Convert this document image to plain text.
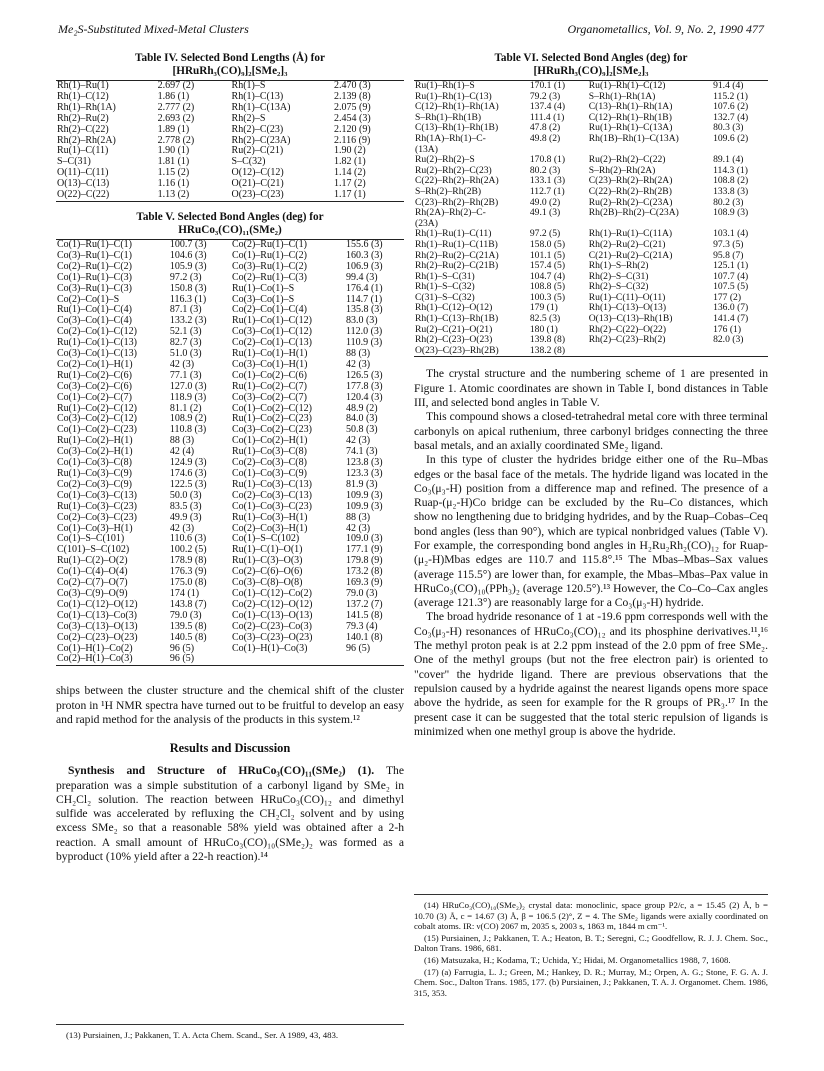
Me₂S-Substituted Mixed-Metal Clusters	Organometallics, Vol. 9, No. 2, 1990 477
Table IV. Selected Bond Lengths (Å) for
[HRuRh₃(CO)₉]₂[SMe₂]₃
Rh(1)–Ru(1)	2.697 (2)	Rh(1)–S	2.470 (3)
Rh(1)–C(12)	1.86 (1)	Rh(1)–C(13)	2.139 (8)
Rh(1)–Rh(1A)	2.777 (2)	Rh(1)–C(13A)	2.075 (9)
Rh(2)–Ru(2)	2.693 (2)	Rh(2)–S	2.454 (3)
Rh(2)–C(22)	1.89 (1)	Rh(2)–C(23)	2.120 (9)
Rh(2)–Rh(2A)	2.778 (2)	Rh(2)–C(23A)	2.116 (9)
Ru(1)–C(11)	1.90 (1)	Ru(2)–C(21)	1.90 (2)
S–C(31)	1.81 (1)	S–C(32)	1.82 (1)
O(11)–C(11)	1.15 (2)	O(12)–C(12)	1.14 (2)
O(13)–C(13)	1.16 (1)	O(21)–C(21)	1.17 (2)
O(22)–C(22)	1.13 (2)	O(23)–C(23)	1.17 (1)
Table V. Selected Bond Angles (deg) for
HRuCo₃(CO)₁₁(SMe₂)
Co(1)–Ru(1)–C(1)	100.7 (3)	Co(2)–Ru(1)–C(1)	155.6 (3)
Co(3)–Ru(1)–C(1)	104.6 (3)	Co(1)–Ru(1)–C(2)	160.3 (3)
Co(2)–Ru(1)–C(2)	105.9 (3)	Co(3)–Ru(1)–C(2)	106.9 (3)
Co(1)–Ru(1)–C(3)	97.2 (3)	Co(2)–Ru(1)–C(3)	99.4 (3)
Co(3)–Ru(1)–C(3)	150.8 (3)	Ru(1)–Co(1)–S	176.4 (1)
Co(2)–Co(1)–S	116.3 (1)	Co(3)–Co(1)–S	114.7 (1)
Ru(1)–Co(1)–C(4)	87.1 (3)	Co(2)–Co(1)–C(4)	135.8 (3)
Co(3)–Co(1)–C(4)	133.2 (3)	Ru(1)–Co(1)–C(12)	83.0 (3)
Co(2)–Co(1)–C(12)	52.1 (3)	Co(3)–Co(1)–C(12)	112.0 (3)
Ru(1)–Co(1)–C(13)	82.7 (3)	Co(2)–Co(1)–C(13)	110.9 (3)
Co(3)–Co(1)–C(13)	51.0 (3)	Ru(1)–Co(1)–H(1)	88 (3)
Co(2)–Co(1)–H(1)	42 (3)	Co(3)–Co(1)–H(1)	42 (3)
Ru(1)–Co(2)–C(6)	77.1 (3)	Co(1)–Co(2)–C(6)	126.5 (3)
Co(3)–Co(2)–C(6)	127.0 (3)	Ru(1)–Co(2)–C(7)	177.8 (3)
Co(1)–Co(2)–C(7)	118.9 (3)	Co(3)–Co(2)–C(7)	120.4 (3)
Ru(1)–Co(2)–C(12)	81.1 (2)	Co(1)–Co(2)–C(12)	48.9 (2)
Co(3)–Co(2)–C(12)	108.9 (2)	Ru(1)–Co(2)–C(23)	84.0 (3)
Co(1)–Co(2)–C(23)	110.8 (3)	Co(3)–Co(2)–C(23)	50.8 (3)
Ru(1)–Co(2)–H(1)	88 (3)	Co(1)–Co(2)–H(1)	42 (3)
Co(3)–Co(2)–H(1)	42 (4)	Ru(1)–Co(3)–C(8)	74.1 (3)
Co(1)–Co(3)–C(8)	124.9 (3)	Co(2)–Co(3)–C(8)	123.8 (3)
Ru(1)–Co(3)–C(9)	174.6 (3)	Co(1)–Co(3)–C(9)	123.3 (3)
Co(2)–Co(3)–C(9)	122.5 (3)	Ru(1)–Co(3)–C(13)	81.9 (3)
Co(1)–Co(3)–C(13)	50.0 (3)	Co(2)–Co(3)–C(13)	109.9 (3)
Ru(1)–Co(3)–C(23)	83.5 (3)	Co(1)–Co(3)–C(23)	109.9 (3)
Co(2)–Co(3)–C(23)	49.9 (3)	Ru(1)–Co(3)–H(1)	88 (3)
Co(1)–Co(3)–H(1)	42 (3)	Co(2)–Co(3)–H(1)	42 (3)
Co(1)–S–C(101)	110.6 (3)	Co(1)–S–C(102)	109.0 (3)
C(101)–S–C(102)	100.2 (5)	Ru(1)–C(1)–O(1)	177.1 (9)
Ru(1)–C(2)–O(2)	178.9 (8)	Ru(1)–C(3)–O(3)	179.8 (9)
Co(1)–C(4)–O(4)	176.3 (9)	Co(2)–C(6)–O(6)	173.2 (8)
Co(2)–C(7)–O(7)	175.0 (8)	Co(3)–C(8)–O(8)	169.3 (9)
Co(3)–C(9)–O(9)	174 (1)	Co(1)–C(12)–Co(2)	79.0 (3)
Co(1)–C(12)–O(12)	143.8 (7)	Co(2)–C(12)–O(12)	137.2 (7)
Co(1)–C(13)–Co(3)	79.0 (3)	Co(1)–C(13)–O(13)	141.5 (8)
Co(3)–C(13)–O(13)	139.5 (8)	Co(2)–C(23)–Co(3)	79.3 (4)
Co(2)–C(23)–O(23)	140.5 (8)	Co(3)–C(23)–O(23)	140.1 (8)
Co(1)–H(1)–Co(2)	96 (5)	Co(1)–H(1)–Co(3)	96 (5)
Co(2)–H(1)–Co(3)	96 (5)		

ships between the cluster structure and the chemical shift of the cluster proton in ¹H NMR spectra have turned out to be fruitful to develop an easy and rapid method for the analysis of the products in this system.¹²

Results and Discussion

Synthesis and Structure of HRuCo₃(CO)₁₁(SMe₂) (1). The preparation was a simple substitution of a carbonyl ligand by SMe₂ in CH₂Cl₂ solution. The reaction between HRuCo₃(CO)₁₂ and dimethyl sulfide was accelerated by refluxing the CH₂Cl₂ solvent and by using excess SMe₂ so that a reasonable 58% yield was obtained after a 2-h reaction. A small amount of HRuCo₃(CO)₁₀(SMe₂)₂ was formed as a byproduct (10% yield after a 22-h reaction).¹⁴

Table VI. Selected Bond Angles (deg) for
[HRuRh₃(CO)₉]₂[SMe₂]₃
Ru(1)–Rh(1)–S	170.1 (1)	Ru(1)–Rh(1)–C(12)	91.4 (4)
Ru(1)–Rh(1)–C(13)	79.2 (3)	S–Rh(1)–Rh(1A)	115.2 (1)
C(12)–Rh(1)–Rh(1A)	137.4 (4)	C(13)–Rh(1)–Rh(1A)	107.6 (2)
S–Rh(1)–Rh(1B)	111.4 (1)	C(12)–Rh(1)–Rh(1B)	132.7 (4)
C(13)–Rh(1)–Rh(1B)	47.8 (2)	Ru(1)–Rh(1)–C(13A)	80.3 (3)
Rh(1A)–Rh(1)–C-	49.8 (2)	Rh(1B)–Rh(1)–C(13A)	109.6 (2)
(13A)			
Ru(2)–Rh(2)–S	170.8 (1)	Ru(2)–Rh(2)–C(22)	89.1 (4)
Ru(2)–Rh(2)–C(23)	80.2 (3)	S–Rh(2)–Rh(2A)	114.3 (1)
C(22)–Rh(2)–Rh(2A)	133.1 (3)	C(23)–Rh(2)–Rh(2A)	108.8 (2)
S–Rh(2)–Rh(2B)	112.7 (1)	C(22)–Rh(2)–Rh(2B)	133.8 (3)
C(23)–Rh(2)–Rh(2B)	49.0 (2)	Ru(2)–Rh(2)–C(23A)	80.2 (3)
Rh(2A)–Rh(2)–C-	49.1 (3)	Rh(2B)–Rh(2)–C(23A)	108.9 (3)
(23A)			
Rh(1)–Ru(1)–C(11)	97.2 (5)	Rh(1)–Ru(1)–C(11A)	103.1 (4)
Rh(1)–Ru(1)–C(11B)	158.0 (5)	Rh(2)–Ru(2)–C(21)	97.3 (5)
Rh(2)–Ru(2)–C(21A)	101.1 (5)	C(21)–Ru(2)–C(21A)	95.8 (7)
Rh(2)–Ru(2)–C(21B)	157.4 (5)	Rh(1)–S–Rh(2)	125.1 (1)
Rh(1)–S–C(31)	104.7 (4)	Rh(2)–S–C(31)	107.7 (4)
Rh(1)–S–C(32)	108.8 (5)	Rh(2)–S–C(32)	107.5 (5)
C(31)–S–C(32)	100.3 (5)	Ru(1)–C(11)–O(11)	177 (2)
Rh(1)–C(12)–O(12)	179 (1)	Rh(1)–C(13)–O(13)	136.0 (7)
Rh(1)–C(13)–Rh(1B)	82.5 (3)	O(13)–C(13)–Rh(1B)	141.4 (7)
Ru(2)–C(21)–O(21)	180 (1)	Rh(2)–C(22)–O(22)	176 (1)
Rh(2)–C(23)–O(23)	139.8 (8)	Rh(2)–C(23)–Rh(2)	82.0 (3)
O(23)–C(23)–Rh(2B)	138.2 (8)		

The crystal structure and the numbering scheme of 1 are presented in Figure 1. Atomic coordinates are shown in Table I, bond distances in Table III, and selected bond angles in Table V.

This compound shows a closed-tetrahedral metal core with three terminal carbonyls on apical ruthenium, three carbonyl bridges connecting the three basal metals, and an axially coordinated SMe₂ ligand.

In this type of cluster the hydrides bridge either one of the Ru–Mbas edges or the basal face of the metals. The hydride ligand was located in the Co₃(μ₃-H) position from a difference map and refined. The presence of a Ruap-(μ₂-H)Co bridge can be excluded by the Ru–Co distances, which show no lengthening due to bridging hydrides, and by the Ruap–Cobas–Ceq bond angles (less than 90°), which are typical nonbridged values (Table V). For example, the corresponding bond angles in H₂Ru₂Rh₂(CO)₁₂ for Ruap-(μ₂-H)Mbas edges are 110.7 and 115.8°.¹⁵ The Mbas–Mbas–Sax values (average 115.5°) are lower than, for example, the Mbas–Mbas–Pax value in HRuCo₃(CO)₁₀(PPh₃)₂ (average 120.5°).¹³ However, the Co–Co–Cax angles (average 121.3°) are reasonably large for a Co₃(μ₃-H) hydride.

The broad hydride resonance of 1 at -19.6 ppm corresponds well with the Co₃(μ₃-H) resonances of HRuCo₃(CO)₁₂ and its phosphine derivatives.¹¹,¹⁶ The methyl proton peak is at 2.2 ppm instead of the 2.0 ppm of free SMe₂. One of the methyl groups (but not the free electron pair) is oriented to "cover" the hydride ligand. There are previous observations that the repulsion caused by a hydride against the nearest ligands opens more space above the hydride, as seen for example for the R groups of PR₃.¹⁷ In the present case it can be suggested that the total steric repulsion of ligands is minimized when one methyl group is above the hydride.

(13) Pursiainen, J.; Pakkanen, T. A. Acta Chem. Scand., Ser. A 1989, 43, 483.

(14) HRuCo₃(CO)₁₀(SMe₂)₂ crystal data: monoclinic, space group P2/c, a = 15.45 (2) Å, b = 10.70 (3) Å, c = 14.67 (3) Å, β = 106.5 (2)°, Z = 4. The SMe₂ ligands were axially coordinated on cobalt atoms. IR: ν(CO) 2067 m, 2035 s, 2003 s, 1863 m, 1844 m cm⁻¹.

(15) Pursiainen, J.; Pakkanen, T. A.; Heaton, B. T.; Seregni, C.; Goodfellow, R. J. J. Chem. Soc., Dalton Trans. 1986, 681.

(16) Matsuzaka, H.; Kodama, T.; Uchida, Y.; Hidai, M. Organometallics 1988, 7, 1608.

(17) (a) Farrugia, L. J.; Green, M.; Hankey, D. R.; Murray, M.; Orpen, A. G.; Stone, F. G. A. J. Chem. Soc., Dalton Trans. 1985, 177. (b) Pursiainen, J.; Pakkanen, T. A. J. Organomet. Chem. 1986, 315, 353.
